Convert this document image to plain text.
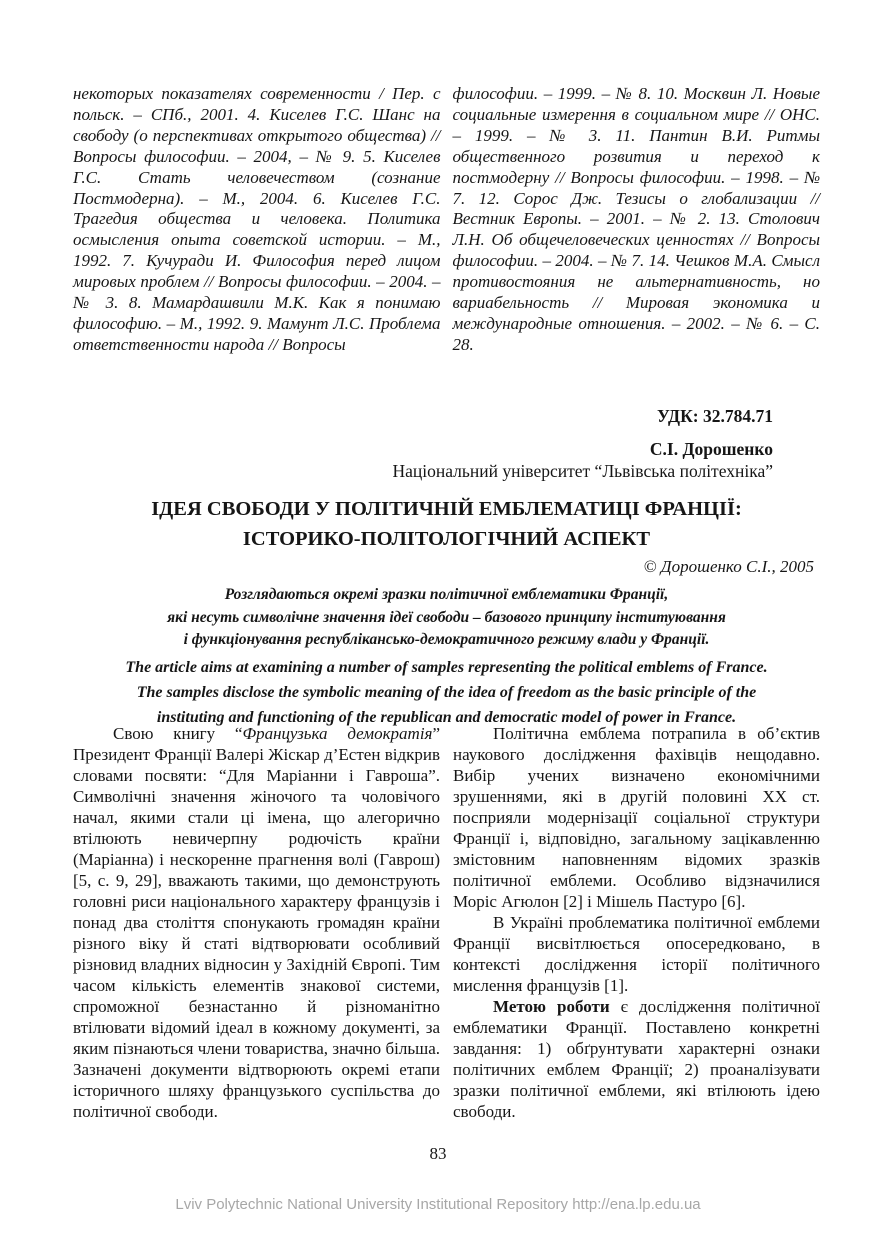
некоторых показателях современности / Пер. с польск. – СПб., 2001. 4. Киселев Г.С. Шанс на свободу (о перспективах открытого общества) // Вопросы философии. – 2004, – № 9. 5. Киселев Г.С. Стать человечеством (сознание Постмодерна). – М., 2004. 6. Киселев Г.С. Трагедия общества и человека. Политика осмысления опыта советской истории. – М., 1992. 7. Кучуради И. Философия перед лицом мировых проблем // Вопросы философии. – 2004. – № 3. 8. Мамардашвили М.К. Как я понимаю философию. – М., 1992. 9. Мамунт Л.С. Проблема ответственности народа // Вопросы
философии. – 1999. – № 8. 10. Москвин Л. Новые социальные измерення в социальном мире // ОНС. – 1999. – № 3. 11. Пантин В.И. Ритмы общественного розвития и переход к постмодерну // Вопросы философии. – 1998. – № 7. 12. Сорос Дж. Тезисы о глобализации // Вестник Европы. – 2001. – № 2. 13. Столович Л.Н. Об общечеловеческих ценностях // Вопросы философии. – 2004. – № 7. 14. Чешков М.А. Смысл противостояния не альтернативность, но вариабельность // Мировая экономика и международные отношения. – 2002. – № 6. – С. 28.
УДК: 32.784.71
С.І. Дорошенко
Національний університет “Львівська політехніка”
ІДЕЯ СВОБОДИ У ПОЛІТИЧНІЙ ЕМБЛЕМАТИЦІ ФРАНЦІЇ:
ІСТОРИКО-ПОЛІТОЛОГІЧНИЙ АСПЕКТ
© Дорошенко С.І., 2005
Розглядаються окремі зразки політичної емблематики Франції,
які несуть символічне значення ідеї свободи – базового принципу інституювання
і функціонування республікансько-демократичного режиму влади у Франції.
The article aims at examining a number of samples representing the political emblems of France.
The samples disclose the symbolic meaning of the idea of freedom as the basic principle of the
instituting and functioning of the republican and democratic model of power in France.

Свою книгу “Французька демократія” Президент Франції Валері Жіскар д’Естен відкрив словами посвяти: “Для Маріанни і Гавроша”. Символічні значення жіночого та чоловічого начал, якими стали ці імена, що алегорично втілюють невичерпну родючість країни (Маріанна) і нескоренне прагнення волі (Гаврош) [5, с. 9, 29], вважають такими, що демонструють головні риси національного характеру французів і понад два століття спонукають громадян країни різного віку й статі відтворювати особливий різновид владних відносин у Західній Європі. Тим часом кількість елементів знакової системи, спроможної безнастанно й різноманітно втілювати відомий ідеал в кожному документі, за яким пізнаються члени товариства, значно більша. Зазначені документи відтворюють окремі етапи історичного шляху французького суспільства до політичної свободи.

Політична емблема потрапила в об’єктив наукового дослідження фахівців нещодавно. Вибір учених визначено економічними зрушеннями, які в другій половині ХХ ст. посприяли модернізації соціальної структури Франції і, відповідно, загальному зацікавленню змістовним наповненням відомих зразків політичної емблеми. Особливо відзначилися Моріс Агюлон [2] і Мішель Пастуро [6].

В Україні проблематика політичної емблеми Франції висвітлюється опосередковано, в контексті дослідження історії політичного мислення французів [1].

Метою роботи є дослідження політичної емблематики Франції. Поставлено конкретні завдання: 1) обґрунтувати характерні ознаки політичних емблем Франції; 2) проаналізувати зразки політичної емблеми, які втілюють ідею свободи.

83
Lviv Polytechnic National University Institutional Repository http://ena.lp.edu.ua
